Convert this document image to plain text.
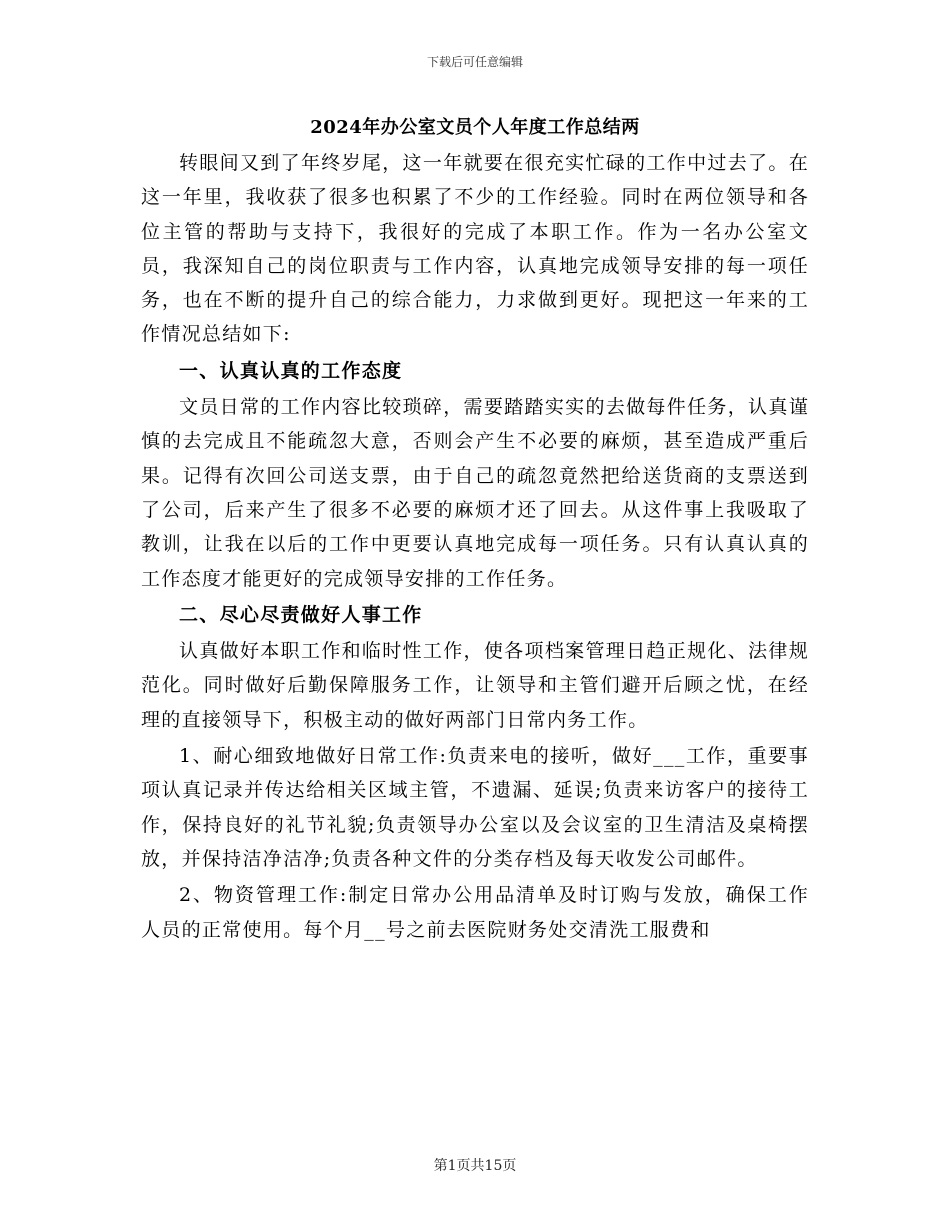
下载后可任意编辑
2024年办公室文员个人年度工作总结两

转眼间又到了年终岁尾，这一年就要在很充实忙碌的工作中过去了。在这一年里，我收获了很多也积累了不少的工作经验。同时在两位领导和各位主管的帮助与支持下，我很好的完成了本职工作。作为一名办公室文员，我深知自己的岗位职责与工作内容，认真地完成领导安排的每一项任务，也在不断的提升自己的综合能力，力求做到更好。现把这一年来的工作情况总结如下:

一、认真认真的工作态度

文员日常的工作内容比较琐碎，需要踏踏实实的去做每件任务，认真谨慎的去完成且不能疏忽大意，否则会产生不必要的麻烦，甚至造成严重后果。记得有次回公司送支票，由于自己的疏忽竟然把给送货商的支票送到了公司，后来产生了很多不必要的麻烦才还了回去。从这件事上我吸取了教训，让我在以后的工作中更要认真地完成每一项任务。只有认真认真的工作态度才能更好的完成领导安排的工作任务。

二、尽心尽责做好人事工作

认真做好本职工作和临时性工作，使各项档案管理日趋正规化、法律规范化。同时做好后勤保障服务工作，让领导和主管们避开后顾之忧，在经理的直接领导下，积极主动的做好两部门日常内务工作。

1、耐心细致地做好日常工作:负责来电的接听，做好___工作，重要事项认真记录并传达给相关区域主管，不遗漏、延误;负责来访客户的接待工作，保持良好的礼节礼貌;负责领导办公室以及会议室的卫生清洁及桌椅摆放，并保持洁净洁净;负责各种文件的分类存档及每天收发公司邮件。

2、物资管理工作:制定日常办公用品清单及时订购与发放，确保工作人员的正常使用。每个月__号之前去医院财务处交清洗工服费和

第1页共15页
